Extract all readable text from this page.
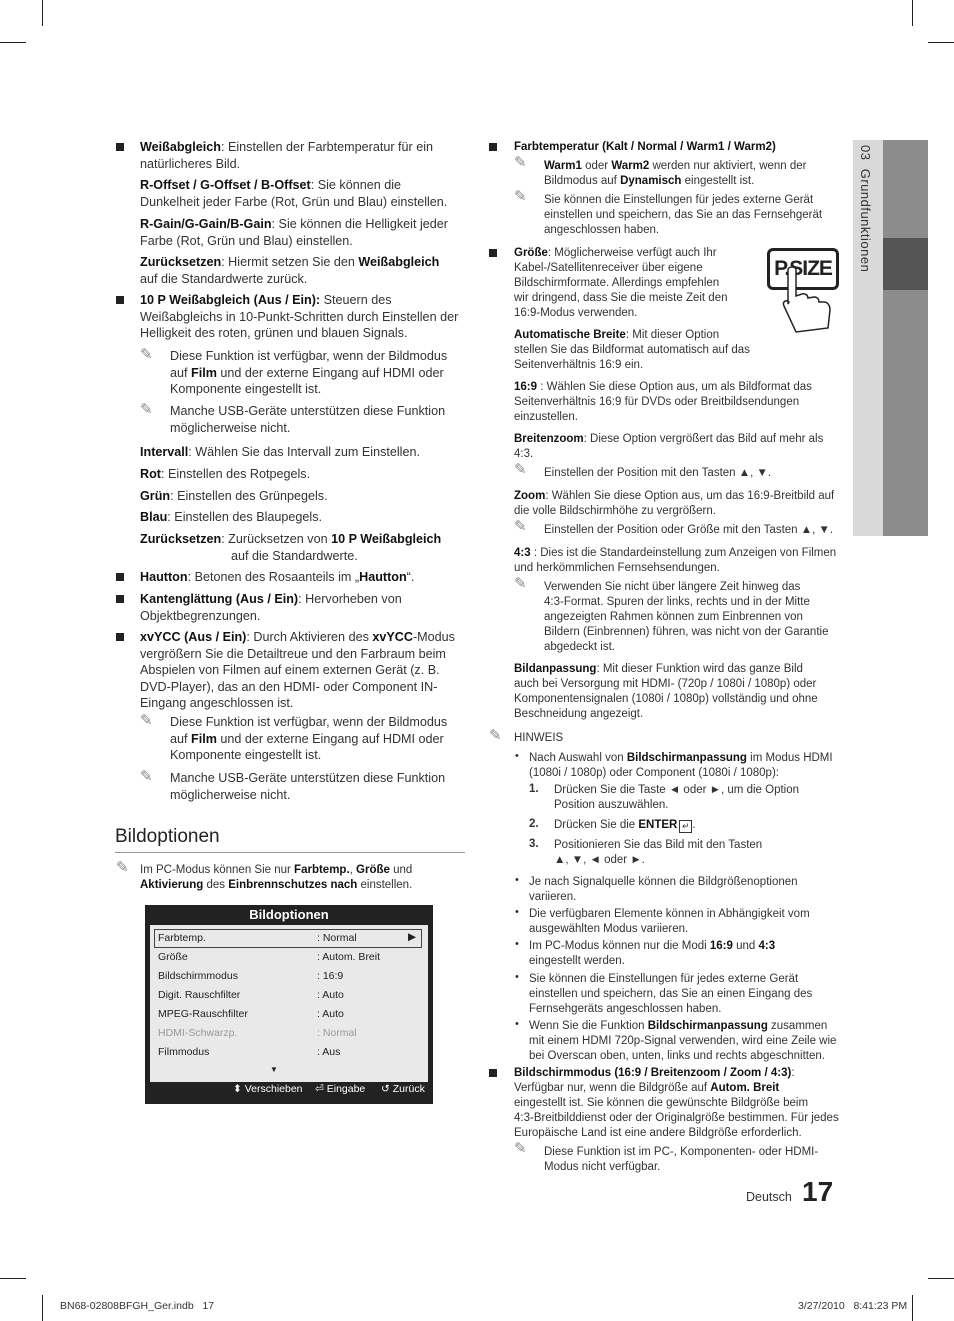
03  Grundfunktionen
Weißabgleich: Einstellen der Farbtemperatur für ein
natürlicheres Bild.
R-Offset / G-Offset / B-Offset: Sie können die
Dunkelheit jeder Farbe (Rot, Grün und Blau) einstellen.
R-Gain/G-Gain/B-Gain: Sie können die Helligkeit jeder
Farbe (Rot, Grün und Blau) einstellen.
Zurücksetzen: Hiermit setzen Sie den Weißabgleich
auf die Standardwerte zurück.
10 P Weißabgleich (Aus / Ein): Steuern des
Weißabgleichs in 10-Punkt-Schritten durch Einstellen der
Helligkeit des roten, grünen und blauen Signals.
✎ Diese Funktion ist verfügbar, wenn der Bildmodus
auf Film und der externe Eingang auf HDMI oder
Komponente eingestellt ist.
✎ Manche USB-Geräte unterstützen diese Funktion
möglicherweise nicht.
Intervall: Wählen Sie das Intervall zum Einstellen.
Rot: Einstellen des Rotpegels.
Grün: Einstellen des Grünpegels.
Blau: Einstellen des Blaupegels.
Zurücksetzen: Zurücksetzen von 10 P Weißabgleich
auf die Standardwerte.
Hautton: Betonen des Rosaanteils im „Hautton“.
Kantenglättung (Aus / Ein): Hervorheben von
Objektbegrenzungen.
xvYCC (Aus / Ein): Durch Aktivieren des xvYCC-Modus
vergrößern Sie die Detailtreue und den Farbraum beim
Abspielen von Filmen auf einem externen Gerät (z. B.
DVD-Player), das an den HDMI- oder Component IN-
Eingang angeschlossen ist.
✎ Diese Funktion ist verfügbar, wenn der Bildmodus
auf Film und der externe Eingang auf HDMI oder
Komponente eingestellt ist.
✎ Manche USB-Geräte unterstützen diese Funktion
möglicherweise nicht.
Bildoptionen
✎ Im PC-Modus können Sie nur Farbtemp., Größe und
Aktivierung des Einbrennschutzes nach einstellen.
Bildoptionen
Farbtemp.	: Normal	▶
Größe	: Autom. Breit
Bildschirmmodus	: 16:9
Digit. Rauschfilter	: Auto
MPEG-Rauschfilter	: Auto
HDMI-Schwarzp.	: Normal
Filmmodus	: Aus
▼
⬍ Verschieben ⏎ Eingabe ↺ Zurück
Farbtemperatur (Kalt / Normal / Warm1 / Warm2)
✎ Warm1 oder Warm2 werden nur aktiviert, wenn der
Bildmodus auf Dynamisch eingestellt ist.
✎ Sie können die Einstellungen für jedes externe Gerät
einstellen und speichern, das Sie an das Fernsehgerät
angeschlossen haben.
Größe: Möglicherweise verfügt auch Ihr
Kabel-/Satellitenreceiver über eigene
Bildschirmformate. Allerdings empfehlen
wir dringend, dass Sie die meiste Zeit den
16:9-Modus verwenden.
P.SIZE
Automatische Breite: Mit dieser Option
stellen Sie das Bildformat automatisch auf das
Seitenverhältnis 16:9 ein.
16:9 : Wählen Sie diese Option aus, um als Bildformat das
Seitenverhältnis 16:9 für DVDs oder Breitbildsendungen
einzustellen.
Breitenzoom: Diese Option vergrößert das Bild auf mehr als
4:3.
✎ Einstellen der Position mit den Tasten ▲, ▼.
Zoom: Wählen Sie diese Option aus, um das 16:9-Breitbild auf
die volle Bildschirmhöhe zu vergrößern.
✎ Einstellen der Position oder Größe mit den Tasten ▲, ▼.
4:3 : Dies ist die Standardeinstellung zum Anzeigen von Filmen
und herkömmlichen Fernsehsendungen.
✎ Verwenden Sie nicht über längere Zeit hinweg das
4:3-Format. Spuren der links, rechts und in der Mitte
angezeigten Rahmen können zum Einbrennen von
Bildern (Einbrennen) führen, was nicht von der Garantie
abgedeckt ist.
Bildanpassung: Mit dieser Funktion wird das ganze Bild
auch bei Versorgung mit HDMI- (720p / 1080i / 1080p) oder
Komponentensignalen (1080i / 1080p) vollständig und ohne
Beschneidung angezeigt.
✎ HINWEIS
• Nach Auswahl von Bildschirmanpassung im Modus HDMI
(1080i / 1080p) oder Component (1080i / 1080p):
1. Drücken Sie die Taste ◄ oder ►, um die Option
Position auszuwählen.
2. Drücken Sie die ENTER ↵ .
3. Positionieren Sie das Bild mit den Tasten
▲, ▼, ◄ oder ►.
• Je nach Signalquelle können die Bildgrößenoptionen
variieren.
• Die verfügbaren Elemente können in Abhängigkeit vom
ausgewählten Modus variieren.
• Im PC-Modus können nur die Modi 16:9 und 4:3
eingestellt werden.
• Sie können die Einstellungen für jedes externe Gerät
einstellen und speichern, das Sie an einen Eingang des
Fernsehgeräts angeschlossen haben.
• Wenn Sie die Funktion Bildschirmanpassung zusammen
mit einem HDMI 720p-Signal verwenden, wird eine Zeile wie
bei Overscan oben, unten, links und rechts abgeschnitten.
Bildschirmmodus (16:9 / Breitenzoom / Zoom / 4:3):
Verfügbar nur, wenn die Bildgröße auf Autom. Breit
eingestellt ist. Sie können die gewünschte Bildgröße beim
4:3-Breitbilddienst oder der Originalgröße bestimmen. Für jedes
Europäische Land ist eine andere Bildgröße erforderlich.
✎ Diese Funktion ist im PC-, Komponenten- oder HDMI-
Modus nicht verfügbar.
Deutsch 17
BN68-02808BFGH_Ger.indb   17	3/27/2010   8:41:23 PM
